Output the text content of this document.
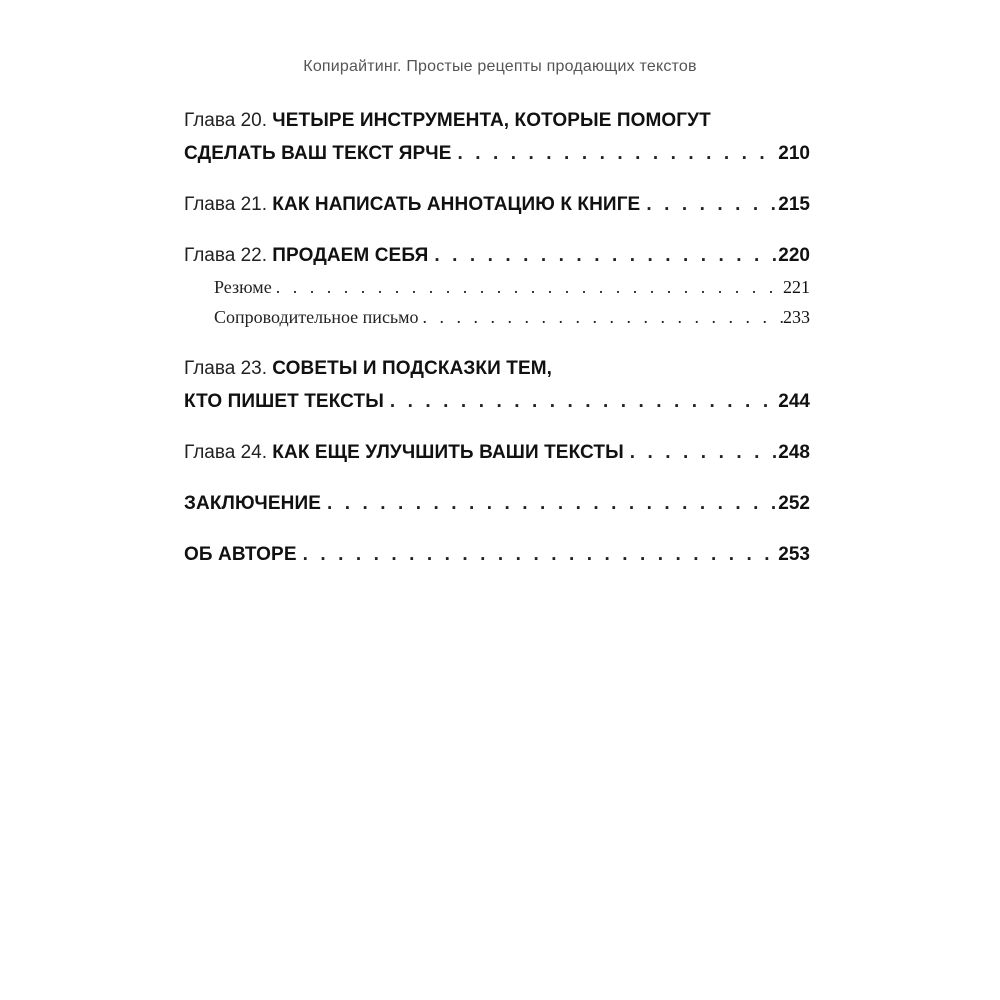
Копирайтинг. Простые рецепты продающих текстов
Глава 20.
ЧЕТЫРЕ ИНСТРУМЕНТА, КОТОРЫЕ ПОМОГУТ
СДЕЛАТЬ ВАШ ТЕКСТ ЯРЧЕ . . .	210
Глава 21.
КАК НАПИСАТЬ АННОТАЦИЮ К КНИГЕ . . .	215
Глава 22.
ПРОДАЕМ СЕБЯ . . .	220
Резюме . . .	221
Сопроводительное письмо . . .	233
Глава 23.
СОВЕТЫ И ПОДСКАЗКИ ТЕМ,
КТО ПИШЕТ ТЕКСТЫ . . .	244
Глава 24.
КАК ЕЩЕ УЛУЧШИТЬ ВАШИ ТЕКСТЫ . . .	248
ЗАКЛЮЧЕНИЕ . . .	252
ОБ АВТОРЕ . . .	253
